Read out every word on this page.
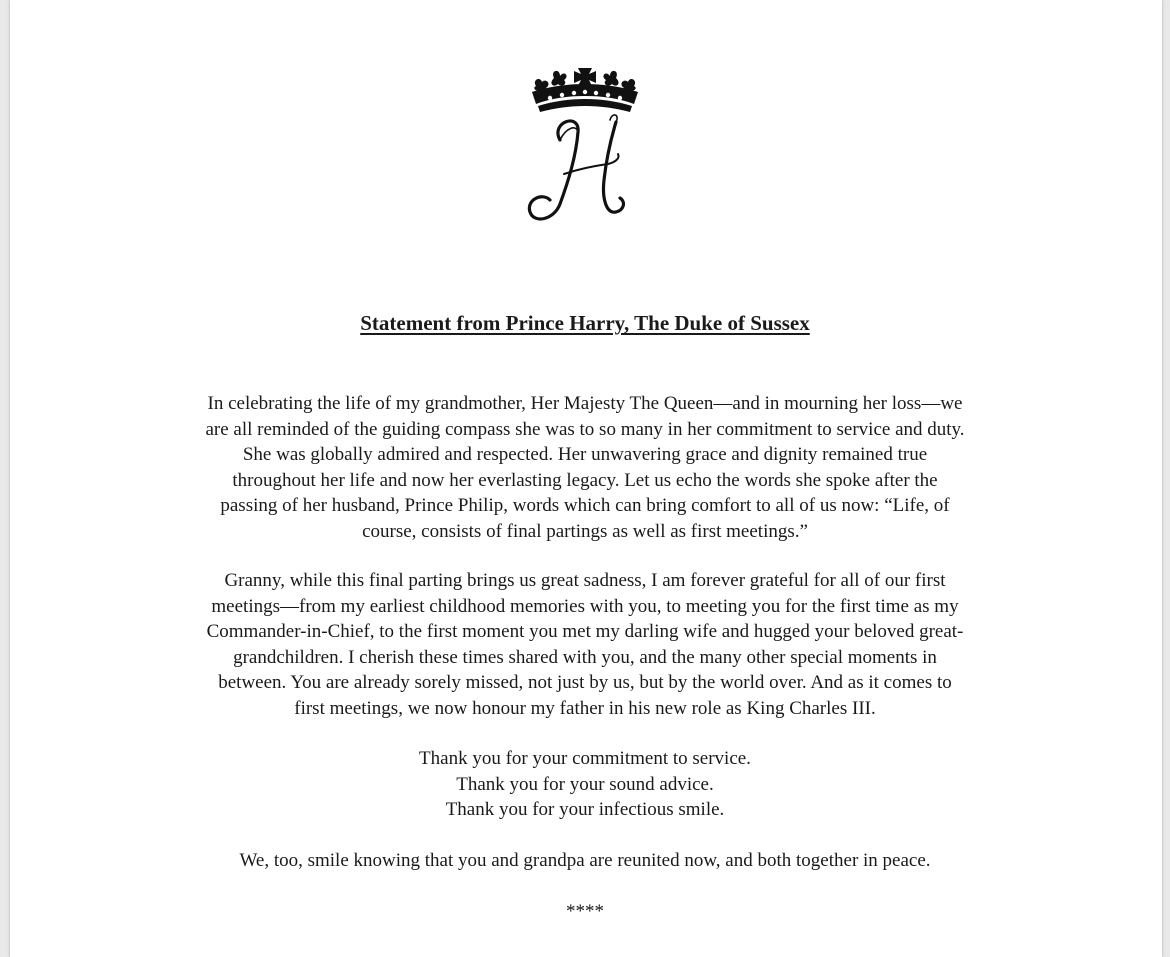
Statement from Prince Harry, The Duke of Sussex
In celebrating the life of my grandmother, Her Majesty The Queen—and in mourning her loss—we
are all reminded of the guiding compass she was to so many in her commitment to service and duty.
She was globally admired and respected. Her unwavering grace and dignity remained true
throughout her life and now her everlasting legacy. Let us echo the words she spoke after the
passing of her husband, Prince Philip, words which can bring comfort to all of us now: “Life, of
course, consists of final partings as well as first meetings.”
Granny, while this final parting brings us great sadness, I am forever grateful for all of our first
meetings—from my earliest childhood memories with you, to meeting you for the first time as my
Commander-in-Chief, to the first moment you met my darling wife and hugged your beloved great-
grandchildren. I cherish these times shared with you, and the many other special moments in
between. You are already sorely missed, not just by us, but by the world over. And as it comes to
first meetings, we now honour my father in his new role as King Charles III.
Thank you for your commitment to service.
Thank you for your sound advice.
Thank you for your infectious smile.
We, too, smile knowing that you and grandpa are reunited now, and both together in peace.
****
